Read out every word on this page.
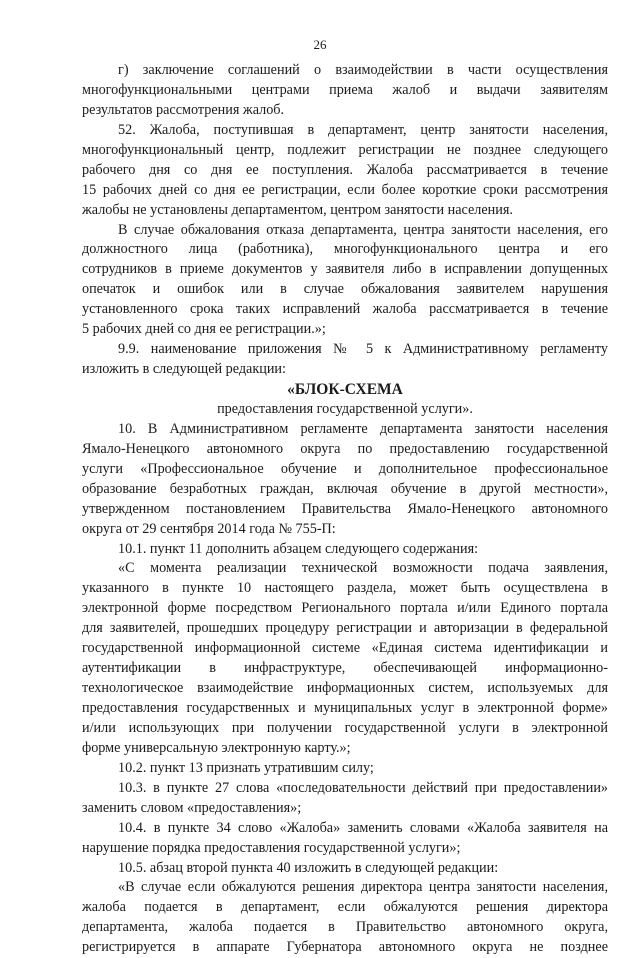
26
г) заключение соглашений о взаимодействии в части осуществления
многофункциональными центрами приема жалоб и выдачи заявителям
результатов рассмотрения жалоб.
52. Жалоба, поступившая в департамент, центр занятости населения,
многофункциональный центр, подлежит регистрации не позднее следующего
рабочего дня со дня ее поступления. Жалоба рассматривается в течение
15 рабочих дней со дня ее регистрации, если более короткие сроки рассмотрения
жалобы не установлены департаментом, центром занятости населения.
В случае обжалования отказа департамента, центра занятости населения, его
должностного лица (работника), многофункционального центра и его
сотрудников в приеме документов у заявителя либо в исправлении допущенных
опечаток и ошибок или в случае обжалования заявителем нарушения
установленного срока таких исправлений жалоба рассматривается в течение
5 рабочих дней со дня ее регистрации.»;
9.9. наименование приложения № 5 к Административному регламенту
изложить в следующей редакции:
«БЛОК-СХЕМА
предоставления государственной услуги».
10. В Административном регламенте департамента занятости населения
Ямало-Ненецкого автономного округа по предоставлению государственной
услуги «Профессиональное обучение и дополнительное профессиональное
образование безработных граждан, включая обучение в другой местности»,
утвержденном постановлением Правительства Ямало-Ненецкого автономного
округа от 29 сентября 2014 года № 755-П:
10.1. пункт 11 дополнить абзацем следующего содержания:
«С момента реализации технической возможности подача заявления,
указанного в пункте 10 настоящего раздела, может быть осуществлена в
электронной форме посредством Регионального портала и/или Единого портала
для заявителей, прошедших процедуру регистрации и авторизации в федеральной
государственной информационной системе «Единая система идентификации и
аутентификации в инфраструктуре, обеспечивающей информационно-
технологическое взаимодействие информационных систем, используемых для
предоставления государственных и муниципальных услуг в электронной форме»
и/или использующих при получении государственной услуги в электронной
форме универсальную электронную карту.»;
10.2. пункт 13 признать утратившим силу;
10.3. в пункте 27 слова «последовательности действий при предоставлении»
заменить словом «предоставления»;
10.4. в пункте 34 слово «Жалоба» заменить словами «Жалоба заявителя на
нарушение порядка предоставления государственной услуги»;
10.5. абзац второй пункта 40 изложить в следующей редакции:
«В случае если обжалуются решения директора центра занятости населения,
жалоба подается в департамент, если обжалуются решения директора
департамента, жалоба подается в Правительство автономного округа,
регистрируется в аппарате Губернатора автономного округа не позднее
